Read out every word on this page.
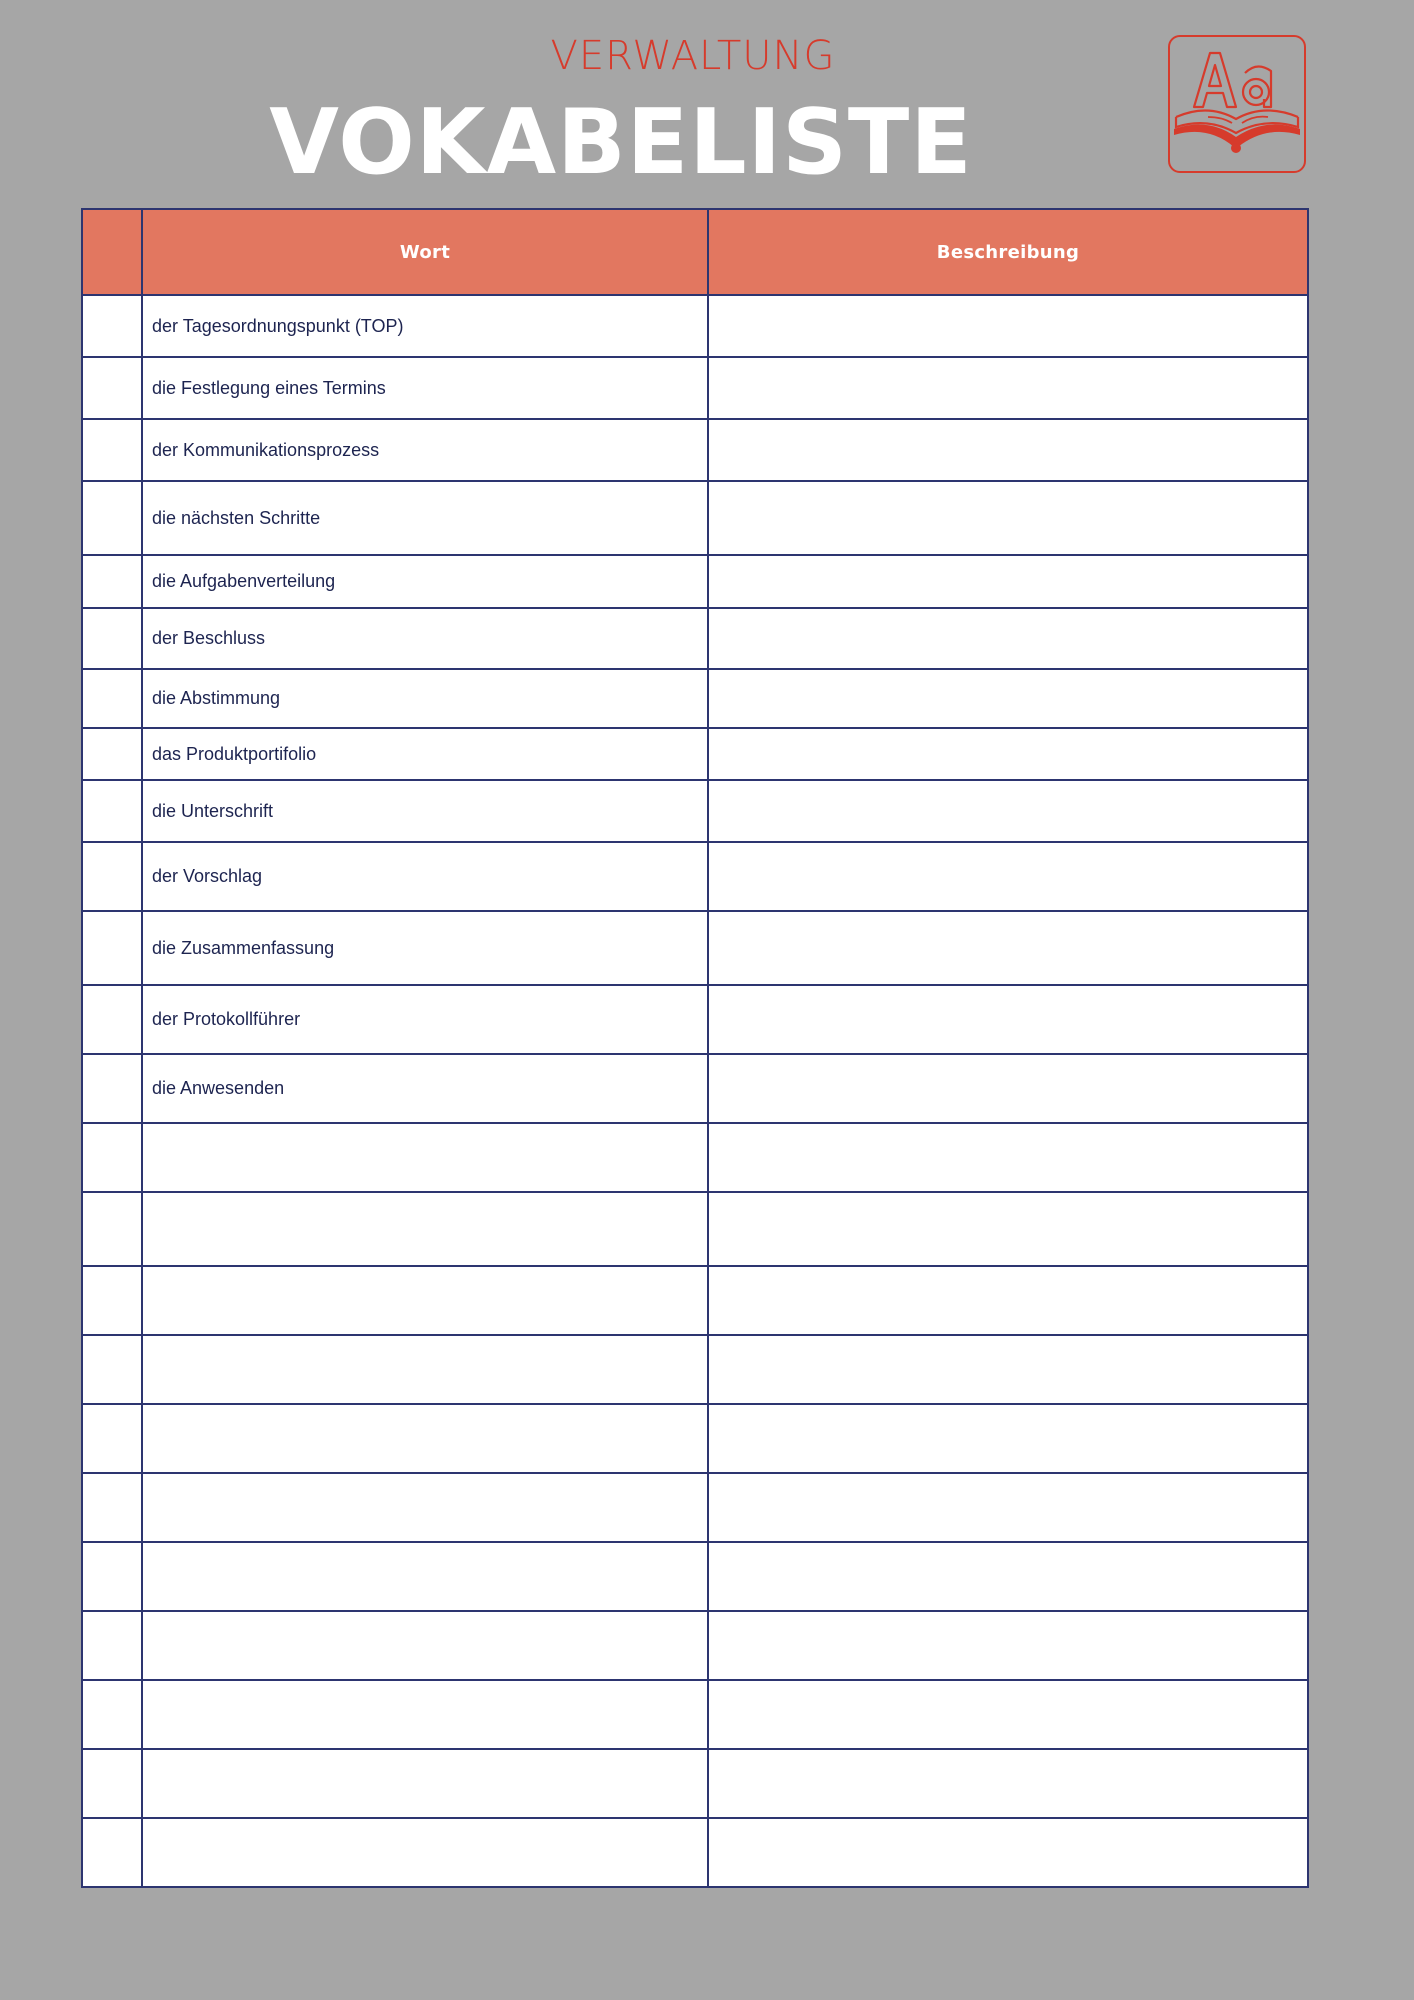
VERWALTUNG
VOKABELISTE
	Wort	Beschreibung
	der Tagesordnungspunkt (TOP)	
	die Festlegung eines Termins	
	der Kommunikationsprozess	
	die nächsten Schritte	
	die Aufgabenverteilung	
	der Beschluss	
	die Abstimmung	
	das Produktportifolio	
	die Unterschrift	
	der Vorschlag	
	die Zusammenfassung	
	der Protokollführer	
	die Anwesenden	
